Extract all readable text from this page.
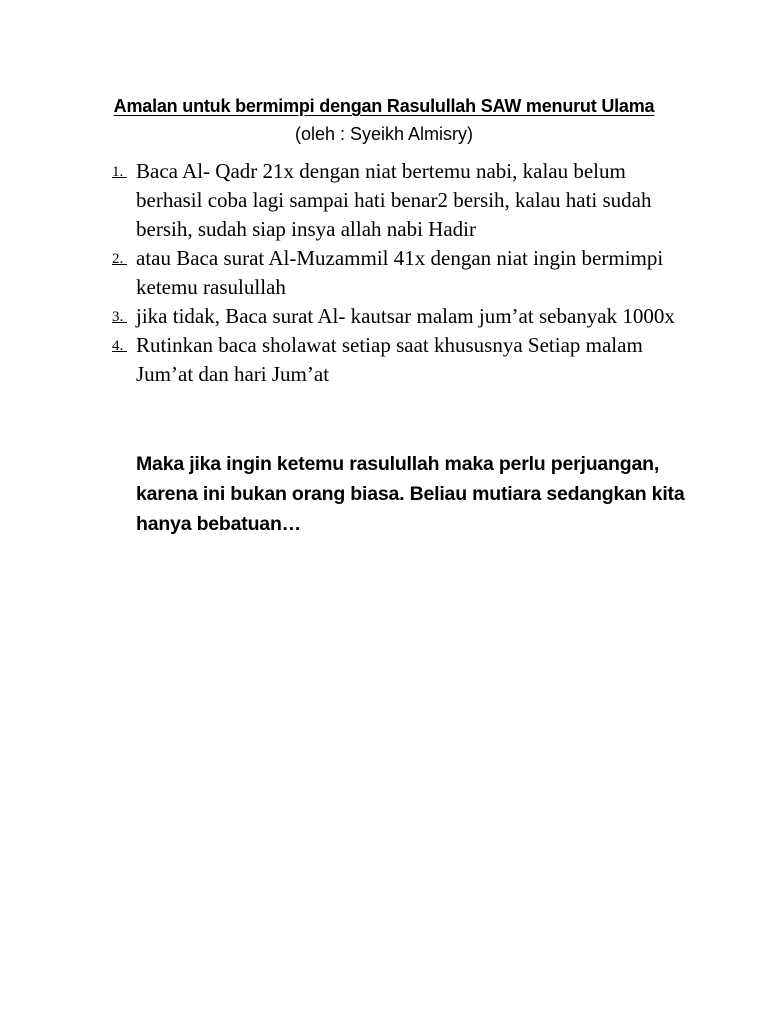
Amalan untuk bermimpi dengan Rasulullah SAW menurut Ulama
(oleh : Syeikh Almisry)
1. Baca Al- Qadr 21x dengan niat bertemu nabi, kalau belum berhasil coba lagi sampai hati benar2 bersih, kalau hati sudah bersih, sudah siap insya allah nabi Hadir
2. atau Baca surat Al-Muzammil 41x dengan niat ingin bermimpi ketemu rasulullah
3. jika tidak, Baca surat Al- kautsar malam jum’at sebanyak 1000x
4. Rutinkan baca sholawat setiap saat khususnya Setiap malam Jum’at dan hari Jum’at
Maka jika ingin ketemu rasulullah maka perlu perjuangan, karena ini bukan orang biasa. Beliau mutiara sedangkan kita hanya bebatuan…
